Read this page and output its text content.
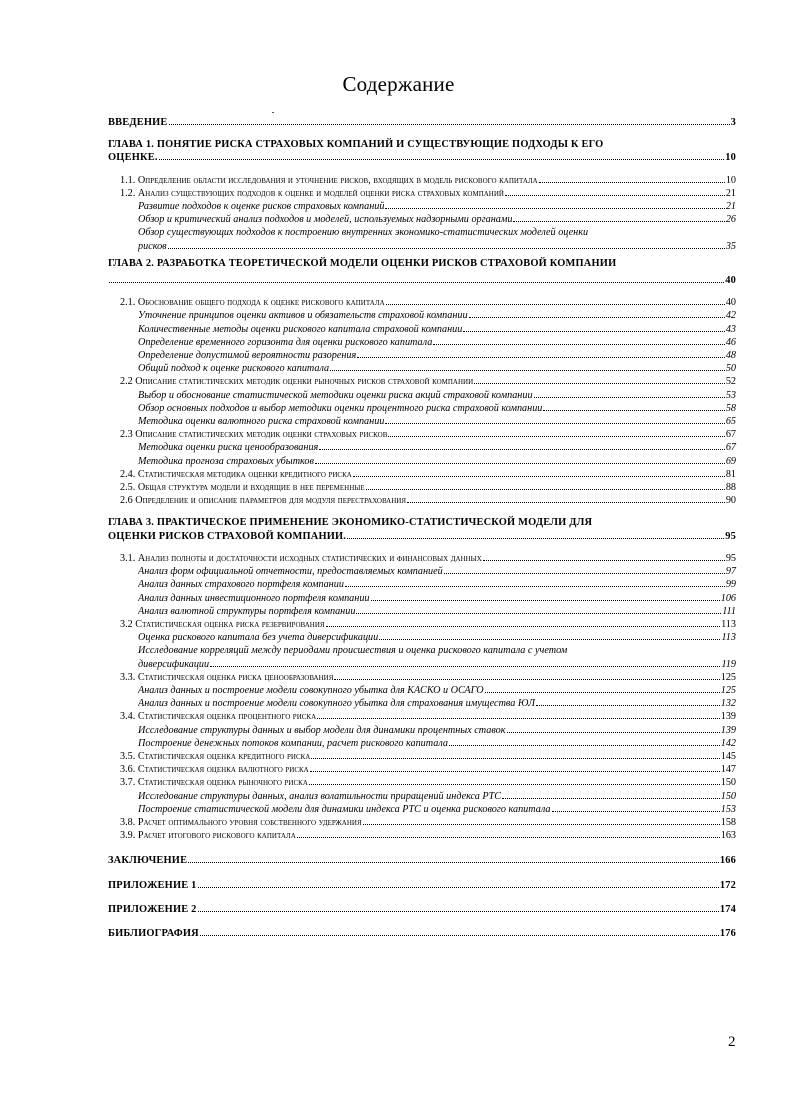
Содержание
ВВЕДЕНИЕ	3
ГЛАВА 1. ПОНЯТИЕ РИСКА СТРАХОВЫХ КОМПАНИЙ И СУЩЕСТВУЮЩИЕ ПОДХОДЫ К ЕГО
ОЦЕНКЕ.	10
1.1. Определение области исследования и уточнение рисков, входящих в модель рискового капитала	10
1.2. Анализ существующих подходов к оценке и моделей оценки риска страховых компаний	21
Развитие подходов к оценке рисков страховых компаний	21
Обзор и критический анализ подходов и моделей, используемых надзорными органами	26
Обзор существующих подходов к построению внутренних экономико-статистических моделей оценки
рисков	35
ГЛАВА 2. РАЗРАБОТКА ТЕОРЕТИЧЕСКОЙ МОДЕЛИ ОЦЕНКИ РИСКОВ СТРАХОВОЙ КОМПАНИИ
40
2.1. Обоснование общего подхода к оценке рискового капитала	40
Уточнение принципов оценки активов и обязательств страховой компании	42
Количественные методы оценки рискового капитала страховой компании	43
Определение временного горизонта для оценки рискового капитала	46
Определение допустимой вероятности разорения	48
Общий подход к оценке рискового капитала	50
2.2 Описание статистических методик оценки рыночных рисков страховой компании	52
Выбор и обоснование статистической методики оценки риска акций страховой компании	53
Обзор основных подходов и выбор методики оценки процентного риска страховой компании	58
Методика оценки валютного риска страховой компании	65
2.3 Описание статистических методик оценки страховых рисков	67
Методика оценки риска ценообразования	67
Методика прогноза страховых убытков	69
2.4. Статистическая методика оценки кредитного риска	81
2.5. Общая структура модели и входящие в нее переменные	88
2.6 Определение и описание параметров для модуля перестрахования	90
ГЛАВА 3. ПРАКТИЧЕСКОЕ ПРИМЕНЕНИЕ ЭКОНОМИКО-СТАТИСТИЧЕСКОЙ МОДЕЛИ ДЛЯ
ОЦЕНКИ РИСКОВ СТРАХОВОЙ КОМПАНИИ.	95
3.1. Анализ полноты и достаточности исходных статистических и финансовых данных	95
Анализ форм официальной отчетности, предоставляемых компанией	97
Анализ данных страхового портфеля компании	99
Анализ данных инвестиционного портфеля компании	106
Анализ валютной структуры портфеля компании	111
3.2 Статистическая оценка риска резервирования	113
Оценка рискового капитала без учета диверсификации	113
Исследование корреляций между периодами происшествия и оценка рискового капитала с учетом
диверсификации	119
3.3. Статистическая оценка риска ценообразования	125
Анализ данных и построение модели совокупного убытка для КАСКО и ОСАГО	125
Анализ данных и построение модели совокупного убытка для страхования имущества ЮЛ	132
3.4. Статистическая оценка процентного риска	139
Исследование структуры данных и выбор модели для динамики процентных ставок	139
Построение денежных потоков компании, расчет рискового капитала	142
3.5. Статистическая оценка кредитного риска	145
3.6. Статистическая оценка валютного риска	147
3.7. Статистическая оценка рыночного риска	150
Исследование структуры данных, анализ волатильности приращений индекса РТС	150
Построение статистической модели для динамики индекса РТС и оценка рискового капитала	153
3.8. Расчет оптимального уровня собственного удержания	158
3.9. Расчет итогового рискового капитала	163
ЗАКЛЮЧЕНИЕ	166
ПРИЛОЖЕНИЕ 1	172
ПРИЛОЖЕНИЕ 2	174
БИБЛИОГРАФИЯ	176
2
